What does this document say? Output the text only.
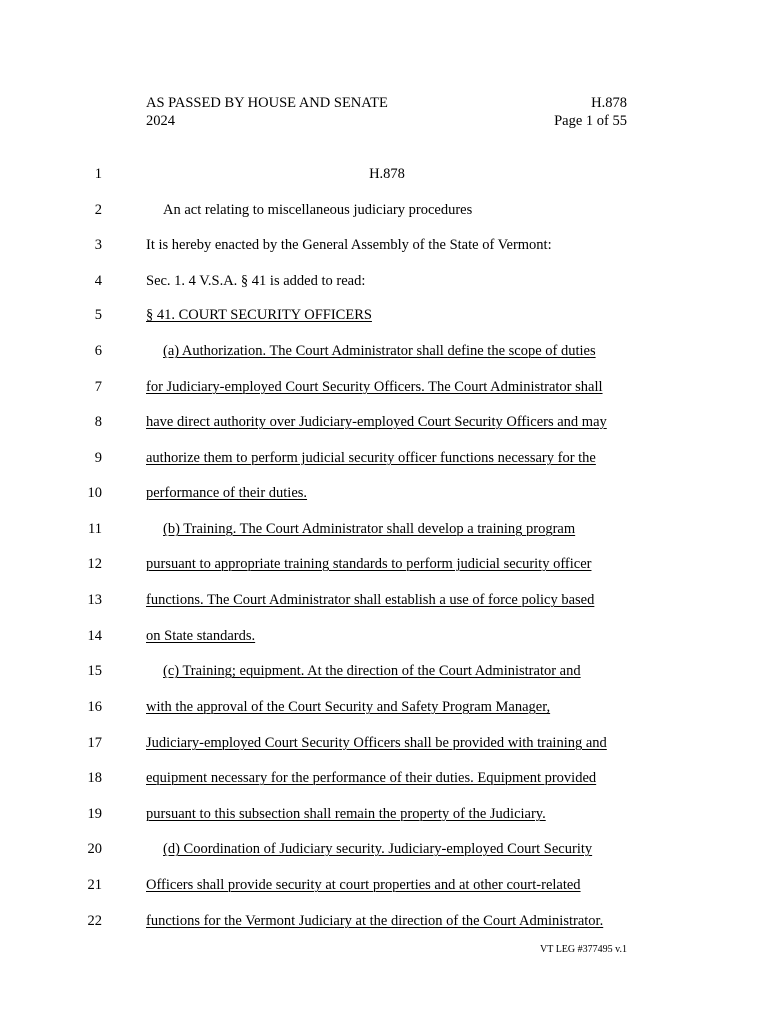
AS PASSED BY HOUSE AND SENATE
2024
H.878
Page 1 of 55
1	H.878
2	An act relating to miscellaneous judiciary procedures
3	It is hereby enacted by the General Assembly of the State of Vermont:
4	Sec. 1. 4 V.S.A. § 41 is added to read:
5	§ 41. COURT SECURITY OFFICERS
6	(a) Authorization. The Court Administrator shall define the scope of duties
7	for Judiciary-employed Court Security Officers. The Court Administrator shall
8	have direct authority over Judiciary-employed Court Security Officers and may
9	authorize them to perform judicial security officer functions necessary for the
10	performance of their duties.
11	(b) Training. The Court Administrator shall develop a training program
12	pursuant to appropriate training standards to perform judicial security officer
13	functions. The Court Administrator shall establish a use of force policy based
14	on State standards.
15	(c) Training; equipment. At the direction of the Court Administrator and
16	with the approval of the Court Security and Safety Program Manager,
17	Judiciary-employed Court Security Officers shall be provided with training and
18	equipment necessary for the performance of their duties. Equipment provided
19	pursuant to this subsection shall remain the property of the Judiciary.
20	(d) Coordination of Judiciary security. Judiciary-employed Court Security
21	Officers shall provide security at court properties and at other court-related
22	functions for the Vermont Judiciary at the direction of the Court Administrator.
VT LEG #377495 v.1
